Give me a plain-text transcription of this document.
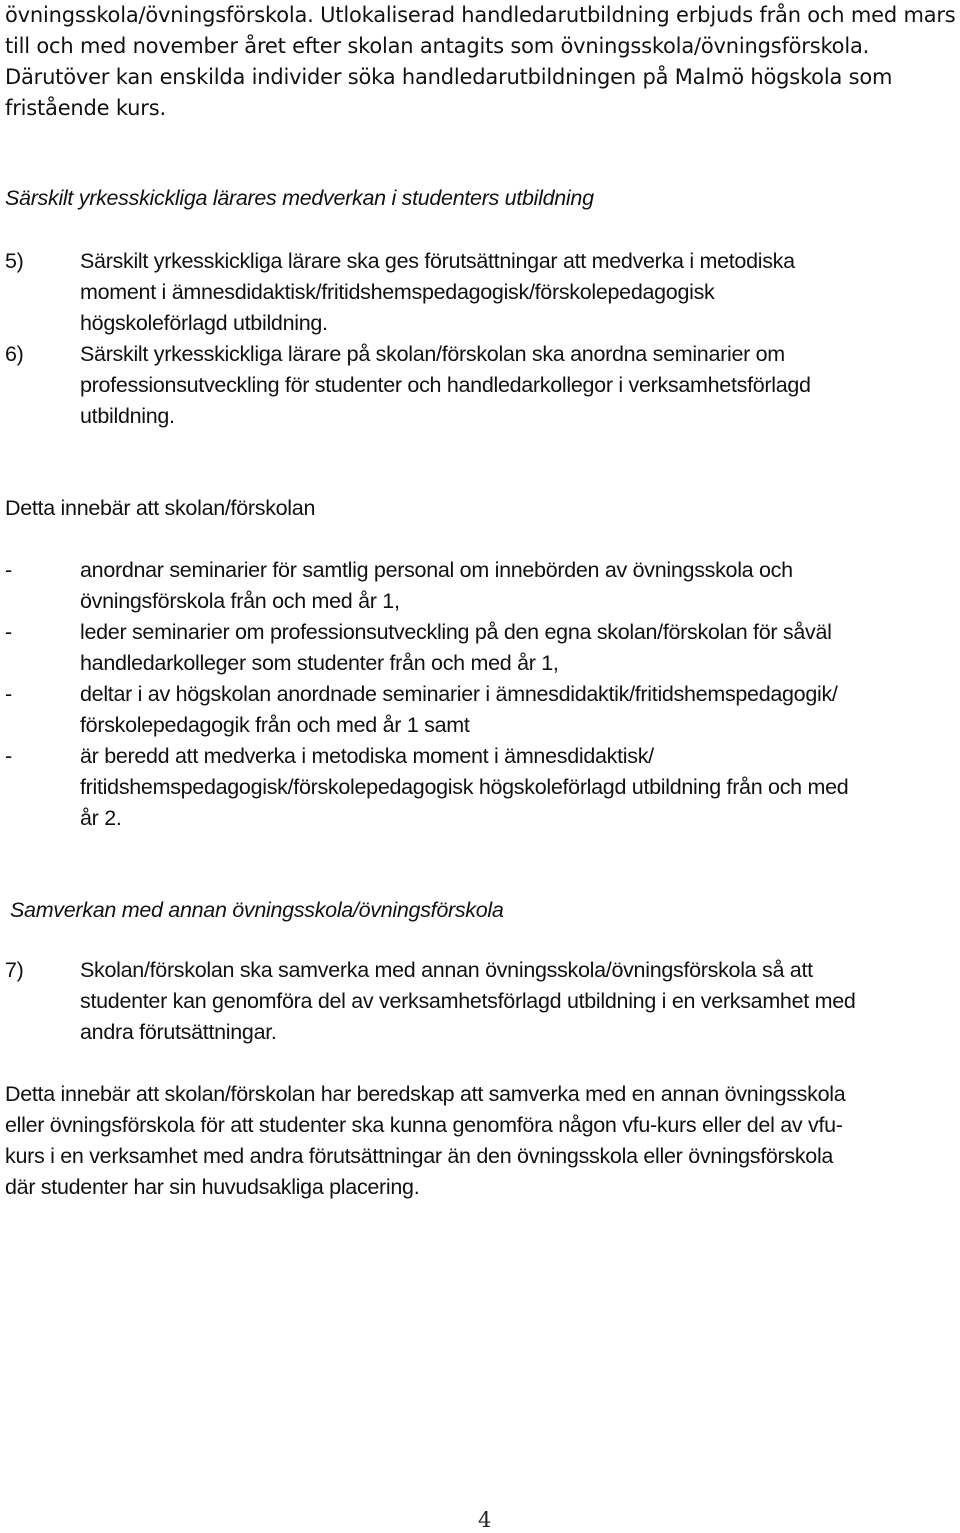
övningsskola/övningsförskola. Utlokaliserad handledarutbildning erbjuds från och med mars
till och med november året efter skolan antagits som övningsskola/övningsförskola.
Därutöver kan enskilda individer söka handledarutbildningen på Malmö högskola som
fristående kurs.
Särskilt yrkesskickliga lärares medverkan i studenters utbildning
5)	Särskilt yrkesskickliga lärare ska ges förutsättningar att medverka i metodiska
moment i ämnesdidaktisk/fritidshemspedagogisk/förskolepedagogisk
högskoleförlagd utbildning.
6)	Särskilt yrkesskickliga lärare på skolan/förskolan ska anordna seminarier om
professionsutveckling för studenter och handledarkollegor i verksamhetsförlagd
utbildning.
Detta innebär att skolan/förskolan
-	anordnar seminarier för samtlig personal om innebörden av övningsskola och
övningsförskola från och med år 1,
-	leder seminarier om professionsutveckling på den egna skolan/förskolan för såväl
handledarkolleger som studenter från och med år 1,
-	deltar i av högskolan anordnade seminarier i ämnesdidaktik/fritidshemspedagogik/
förskolepedagogik från och med år 1 samt
-	är beredd att medverka i metodiska moment i ämnesdidaktisk/
fritidshemspedagogisk/förskolepedagogisk högskoleförlagd utbildning från och med
år 2.
Samverkan med annan övningsskola/övningsförskola
7)	Skolan/förskolan ska samverka med annan övningsskola/övningsförskola så att
studenter kan genomföra del av verksamhetsförlagd utbildning i en verksamhet med
andra förutsättningar.
Detta innebär att skolan/förskolan har beredskap att samverka med en annan övningsskola
eller övningsförskola för att studenter ska kunna genomföra någon vfu-kurs eller del av vfu-
kurs i en verksamhet med andra förutsättningar än den övningsskola eller övningsförskola
där studenter har sin huvudsakliga placering.
4
